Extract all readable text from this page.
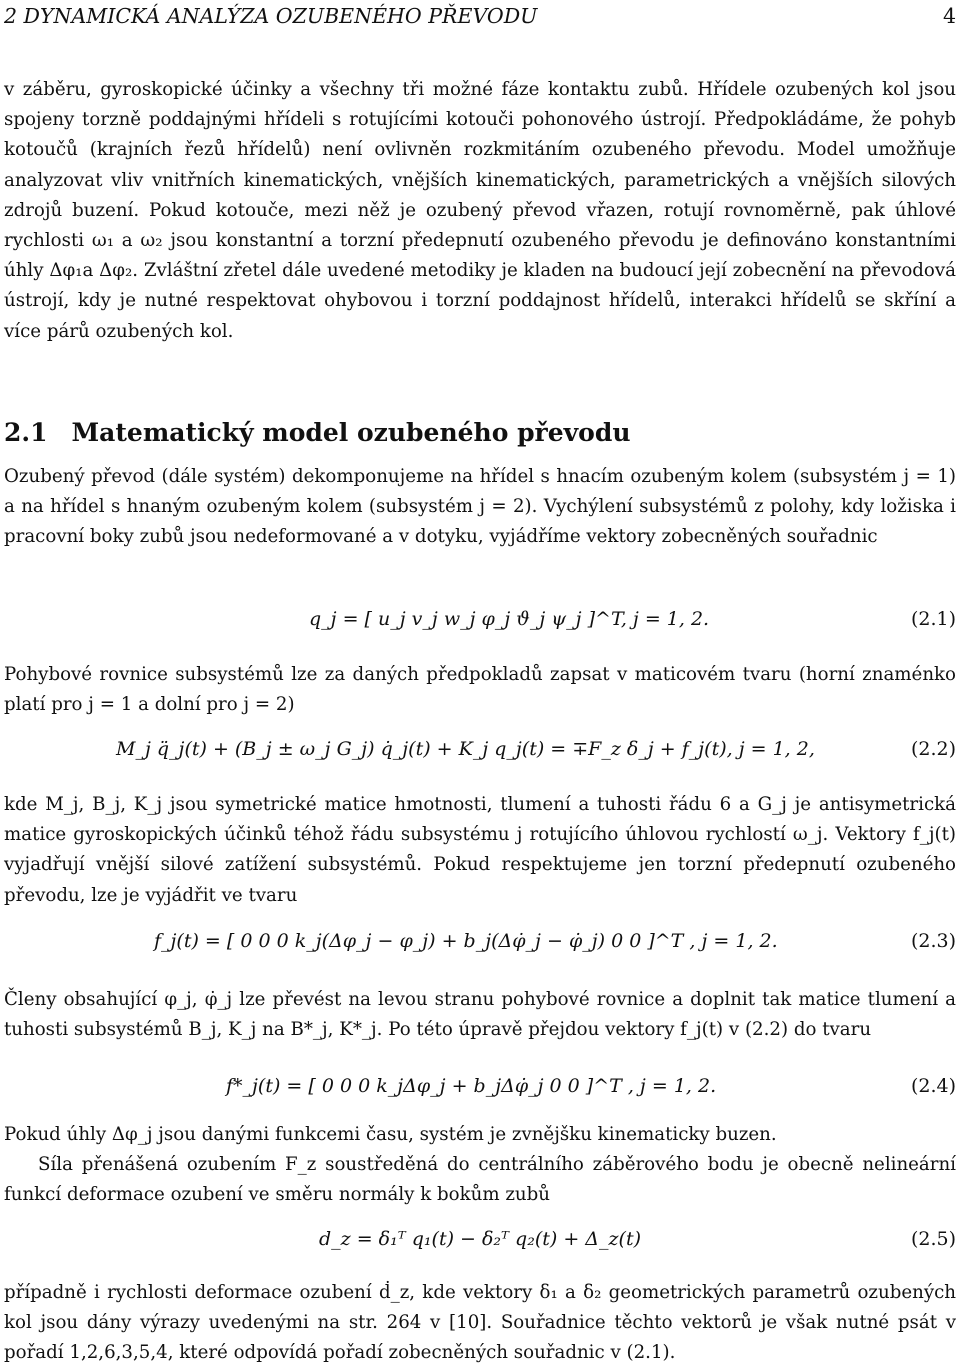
2 DYNAMICKÁ ANALÝZA OZUBENÉHO PŘEVODU	4
v záběru, gyroskopické účinky a všechny tři možné fáze kontaktu zubů. Hřídele ozubených kol jsou spojeny torzně poddajnými hřídeli s rotujícími kotouči pohonového ústrojí. Předpokládáme, že pohyb kotoučů (krajních řezů hřídelů) není ovlivněn rozkmitáním ozubeného převodu. Model umožňuje analyzovat vliv vnitřních kinematických, vnějších kinematických, parametrických a vnějších silových zdrojů buzení. Pokud kotouče, mezi něž je ozubený převod vřazen, rotují rovnoměrně, pak úhlové rychlosti ω₁ a ω₂ jsou konstantní a torzní předepnutí ozubeného převodu je definováno konstantními úhly Δφ₁a Δφ₂. Zvláštní zřetel dále uvedené metodiky je kladen na budoucí její zobecnění na převodová ústrojí, kdy je nutné respektovat ohybovou i torzní poddajnost hřídelů, interakci hřídelů se skříní a více párů ozubených kol.
2.1 Matematický model ozubeného převodu
Ozubený převod (dále systém) dekomponujeme na hřídel s hnacím ozubeným kolem (subsystém j = 1) a na hřídel s hnaným ozubeným kolem (subsystém j = 2). Vychýlení subsystémů z polohy, kdy ložiska i pracovní boky zubů jsou nedeformované a v dotyku, vyjádříme vektory zobecněných souřadnic
q_j = [ u_j v_j w_j φ_j ϑ_j ψ_j ]^T, j = 1, 2.	(2.1)
Pohybové rovnice subsystémů lze za daných předpokladů zapsat v maticovém tvaru (horní znaménko platí pro j = 1 a dolní pro j = 2)
M_j q̈_j(t) + (B_j ± ω_j G_j) q̇_j(t) + K_j q_j(t) = ∓F_z δ_j + f_j(t), j = 1, 2,	(2.2)
kde M_j, B_j, K_j jsou symetrické matice hmotnosti, tlumení a tuhosti řádu 6 a G_j je antisymetrická matice gyroskopických účinků téhož řádu subsystému j rotujícího úhlovou rychlostí ω_j. Vektory f_j(t) vyjadřují vnější silové zatížení subsystémů. Pokud respektujeme jen torzní předepnutí ozubeného převodu, lze je vyjádřit ve tvaru
f_j(t) = [ 0 0 0 k_j(Δφ_j − φ_j) + b_j(Δφ̇_j − φ̇_j) 0 0 ]^T , j = 1, 2.	(2.3)
Členy obsahující φ_j, φ̇_j lze převést na levou stranu pohybové rovnice a doplnit tak matice tlumení a tuhosti subsystémů B_j, K_j na B*_j, K*_j. Po této úpravě přejdou vektory f_j(t) v (2.2) do tvaru
f*_j(t) = [ 0 0 0 k_jΔφ_j + b_jΔφ̇_j 0 0 ]^T , j = 1, 2.	(2.4)
Pokud úhly Δφ_j jsou danými funkcemi času, systém je zvnějšku kinematicky buzen.
Síla přenášená ozubením F_z soustředěná do centrálního záběrového bodu je obecně nelineární funkcí deformace ozubení ve směru normály k bokům zubů
d_z = δ₁ᵀ q₁(t) − δ₂ᵀ q₂(t) + Δ_z(t)	(2.5)
případně i rychlosti deformace ozubení ḋ_z, kde vektory δ₁ a δ₂ geometrických parametrů ozubených kol jsou dány výrazy uvedenými na str. 264 v [10]. Souřadnice těchto vektorů je však nutné psát v pořadí 1,2,6,3,5,4, které odpovídá pořadí zobecněných souřadnic v (2.1).
